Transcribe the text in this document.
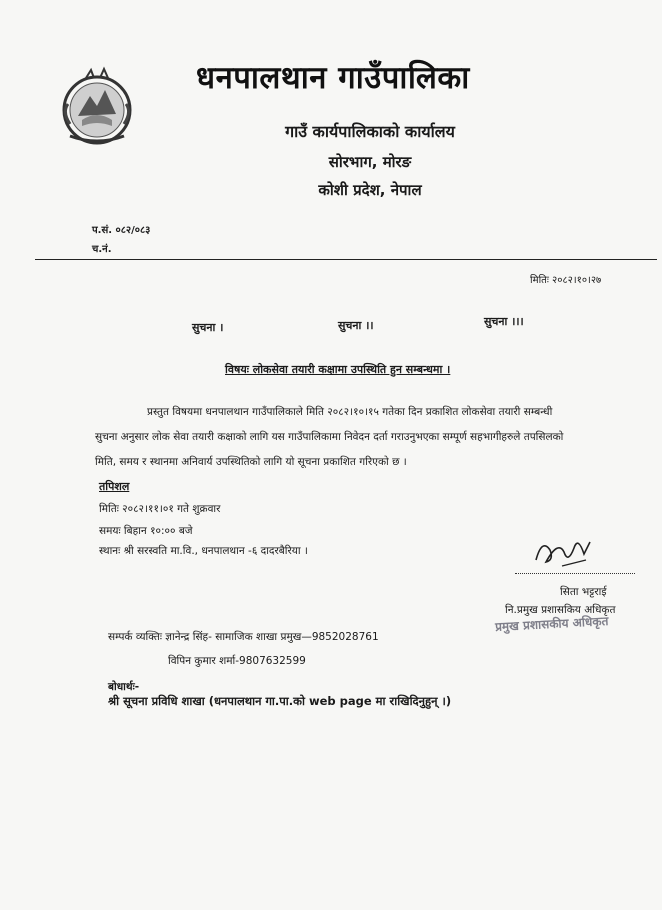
धनपालथान गाउँपालिका
गाउँ कार्यपालिकाको कार्यालय
सोरभाग, मोरङ
कोशी प्रदेश, नेपाल
प.सं. ०८२/०८३
च.नं.
मितिः २०८२।१०।२७
सुचना ।	सुचना ।।	सुचना ।।।
विषयः लोकसेवा तयारी कक्षामा उपस्थिति हुन सम्बन्धमा ।
प्रस्तुत विषयमा धनपालथान गाउँपालिकाले मिति २०८२।१०।१५ गतेका दिन प्रकाशित लोकसेवा तयारी सम्बन्धी
सुचना अनुसार लोक सेवा तयारी कक्षाको लागि यस गाउँपालिकामा निवेदन दर्ता गराउनुभएका सम्पूर्ण सहभागीहरुले तपसिलको
मिति, समय र स्थानमा अनिवार्य उपस्थितिको लागि यो सूचना प्रकाशित गरिएको छ ।
तपिशल
मितिः २०८२।११।०१ गते शुक्रवार
समयः बिहान १०:०० बजे
स्थानः श्री सरस्वति मा.वि., धनपालथान -६ दादरबैरिया ।
सिता भट्टराई
नि.प्रमुख प्रशासकिय अधिकृत
प्रमुख प्रशासकीय अधिकृत
सम्पर्क व्यक्तिः ज्ञानेन्द्र सिंह- सामाजिक शाखा प्रमुख—9852028761
विपिन कुमार शर्मा-9807632599
बोधार्थः-
श्री सूचना प्रविधि शाखा (धनपालथान गा.पा.को web page मा राखिदिनुहुन् ।)
